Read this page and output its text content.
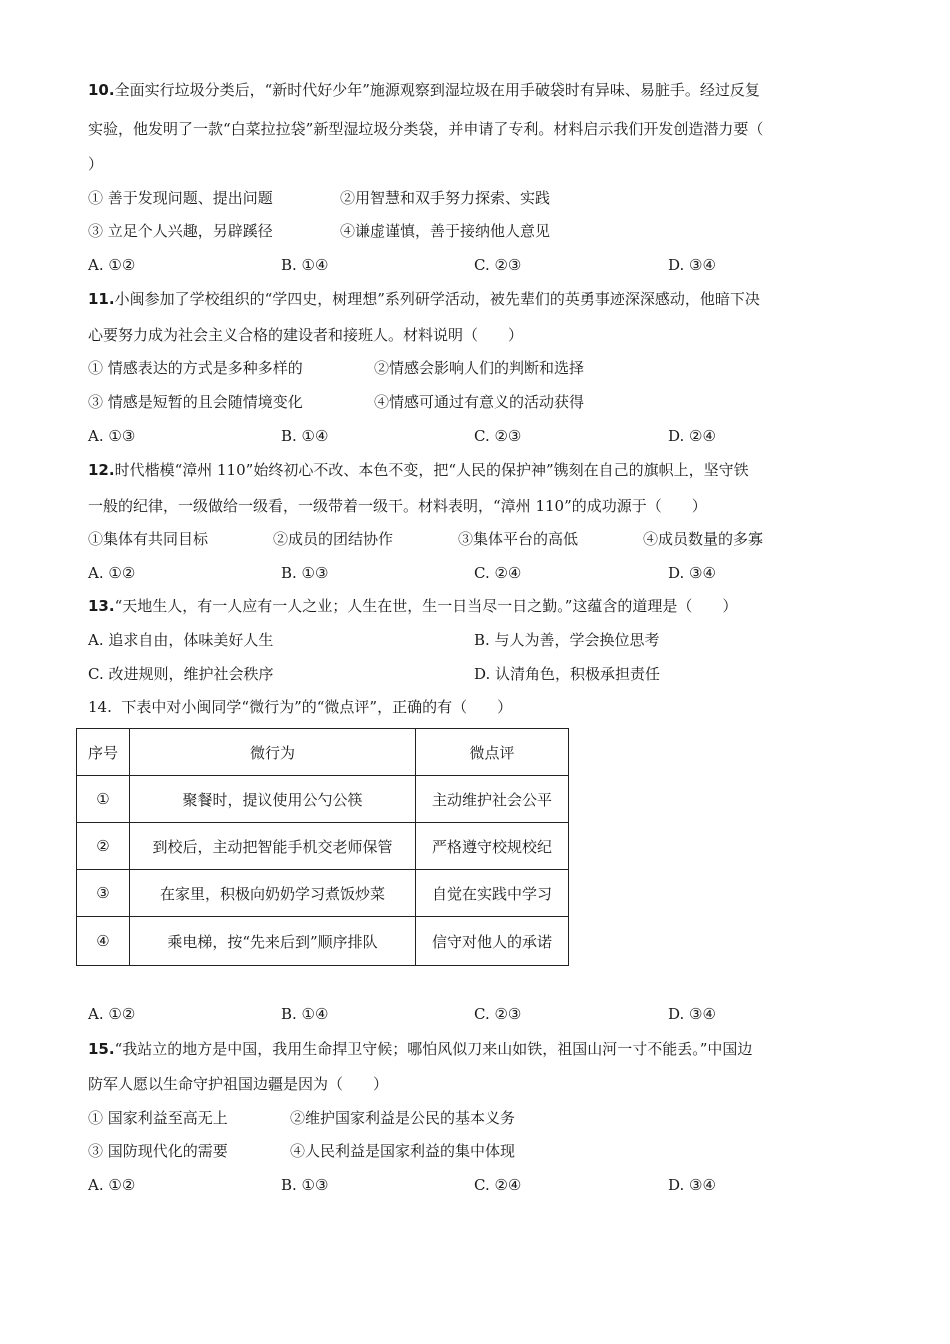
10.全面实行垃圾分类后，“新时代好少年”施源观察到湿垃圾在用手破袋时有异味、易脏手。经过反复
实验，他发明了一款“白菜拉拉袋”新型湿垃圾分类袋，并申请了专利。材料启示我们开发创造潜力要（
）
① 善于发现问题、提出问题	②用智慧和双手努力探索、实践
③ 立足个人兴趣，另辟蹊径	④谦虚谨慎，善于接纳他人意见
A. ①②	B. ①④	C. ②③	D. ③④
11.小闽参加了学校组织的“学四史，树理想”系列研学活动，被先辈们的英勇事迹深深感动，他暗下决
心要努力成为社会主义合格的建设者和接班人。材料说明（　　）
① 情感表达的方式是多种多样的	②情感会影响人们的判断和选择
③ 情感是短暂的且会随情境变化	④情感可通过有意义的活动获得
A. ①③	B. ①④	C. ②③	D. ②④
12.时代楷模“漳州 110”始终初心不改、本色不变，把“人民的保护神”镌刻在自己的旗帜上，坚守铁
一般的纪律，一级做给一级看，一级带着一级干。材料表明，“漳州 110”的成功源于（　　）
①集体有共同目标	②成员的团结协作	③集体平台的高低	④成员数量的多寡
A. ①②	B. ①③	C. ②④	D. ③④
13.“天地生人，有一人应有一人之业；人生在世，生一日当尽一日之勤。”这蕴含的道理是（　　）
A. 追求自由，体味美好人生	B. 与人为善，学会换位思考
C. 改进规则，维护社会秩序	D. 认清角色，积极承担责任
14. 下表中对小闽同学“微行为”的“微点评”，正确的有（　　）
序号	微行为	微点评
①	聚餐时，提议使用公勺公筷	主动维护社会公平
②	到校后，主动把智能手机交老师保管	严格遵守校规校纪
③	在家里，积极向奶奶学习煮饭炒菜	自觉在实践中学习
④	乘电梯，按“先来后到”顺序排队	信守对他人的承诺
A. ①②	B. ①④	C. ②③	D. ③④
15.“我站立的地方是中国，我用生命捍卫守候；哪怕风似刀来山如铁，祖国山河一寸不能丢。”中国边
防军人愿以生命守护祖国边疆是因为（　　）
① 国家利益至高无上	②维护国家利益是公民的基本义务
③ 国防现代化的需要	④人民利益是国家利益的集中体现
A. ①②	B. ①③	C. ②④	D. ③④
